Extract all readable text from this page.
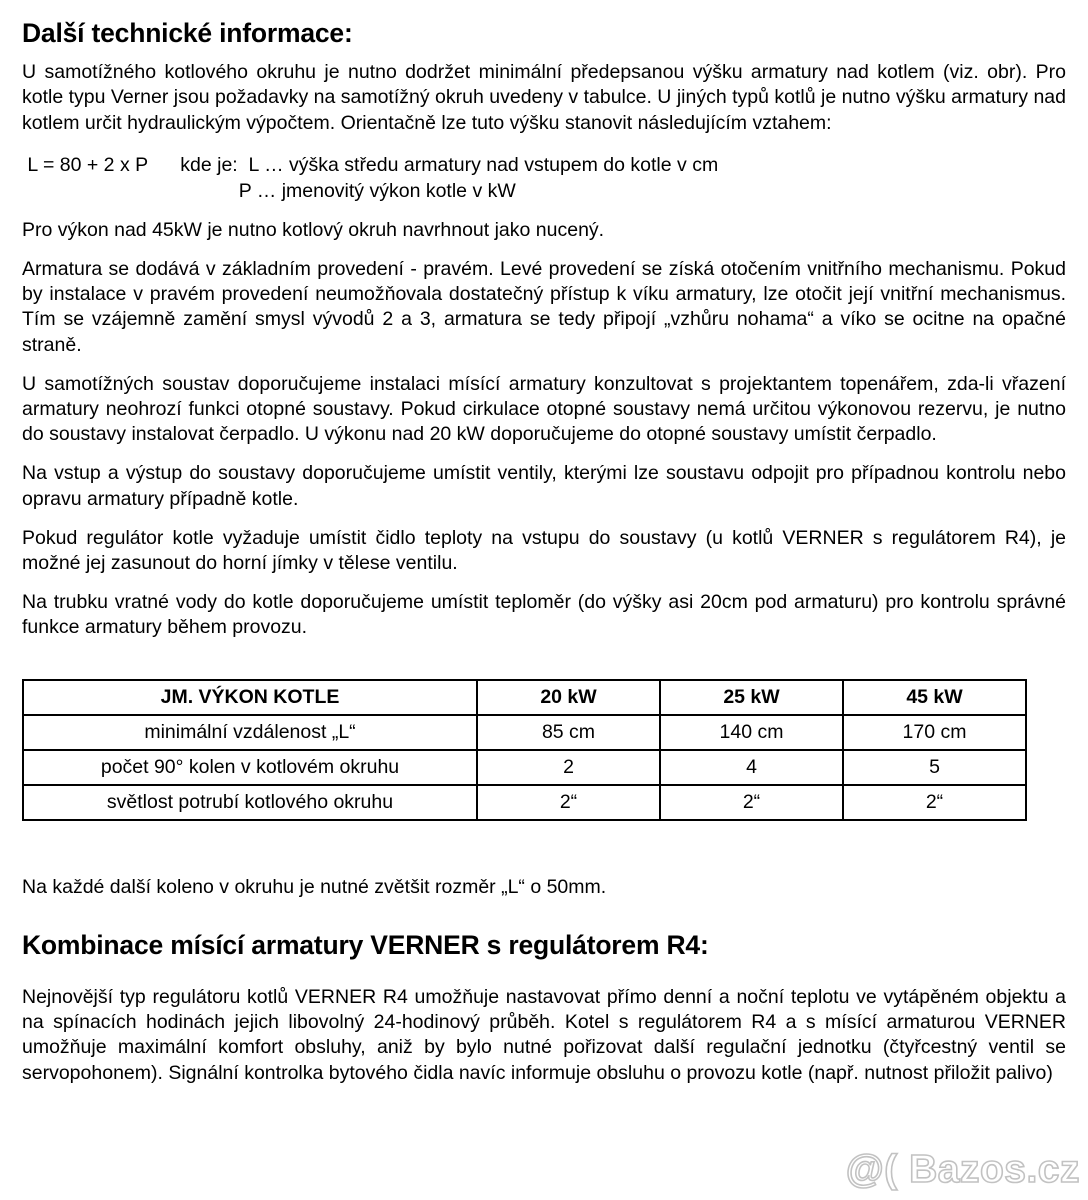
Další technické informace:

U samotížného kotlového okruhu je nutno dodržet minimální předepsanou výšku armatury nad kotlem (viz. obr). Pro kotle typu Verner jsou požadavky na samotížný okruh uvedeny v tabulce. U jiných typů kotlů je nutno výšku armatury nad kotlem určit hydraulickým výpočtem. Orientačně lze tuto výšku stanovit následujícím vztahem:

L = 80 + 2 x P      kde je:  L … výška středu armatury nad vstupem do kotle v cm
P … jmenovitý výkon kotle v kW

Pro výkon nad 45kW je nutno kotlový okruh navrhnout jako nucený.

Armatura se dodává v základním provedení - pravém. Levé provedení se získá otočením vnitřního mechanismu. Pokud by instalace v pravém provedení neumožňovala dostatečný přístup k víku armatury, lze otočit její vnitřní mechanismus. Tím se vzájemně zamění smysl vývodů 2 a 3, armatura se tedy připojí „vzhůru nohama“ a víko se ocitne na opačné straně.

U samotížných soustav doporučujeme instalaci mísící armatury konzultovat s projektantem topenářem, zda-li vřazení armatury neohrozí funkci otopné soustavy. Pokud cirkulace otopné soustavy nemá určitou výkonovou rezervu, je nutno do soustavy instalovat čerpadlo. U výkonu nad 20 kW doporučujeme do otopné soustavy umístit čerpadlo.

Na vstup a výstup do soustavy doporučujeme umístit ventily, kterými lze soustavu odpojit pro případnou kontrolu nebo opravu armatury případně kotle.

Pokud regulátor kotle vyžaduje umístit čidlo teploty na vstupu do soustavy (u kotlů VERNER s regulátorem R4), je možné jej zasunout do horní jímky v tělese ventilu.

Na trubku vratné vody do kotle doporučujeme umístit teploměr (do výšky asi 20cm pod armaturu) pro kontrolu správné funkce armatury během provozu.

JM. VÝKON KOTLE	20 kW	25 kW	45 kW
minimální vzdálenost „L“	85 cm	140 cm	170 cm
počet 90° kolen v kotlovém okruhu	2	4	5
světlost potrubí kotlového okruhu	2“	2“	2“

Na každé další koleno v okruhu je nutné zvětšit rozměr „L“ o 50mm.

Kombinace mísící armatury VERNER s regulátorem R4:

Nejnovější typ regulátoru kotlů VERNER R4 umožňuje nastavovat přímo denní a noční teplotu ve vytápěném objektu a na spínacích hodinách jejich libovolný 24-hodinový průběh. Kotel s regulátorem R4 a s mísící armaturou VERNER umožňuje maximální komfort obsluhy, aniž by bylo nutné pořizovat další regulační jednotku (čtyřcestný ventil se servopohonem). Signální kontrolka bytového čidla navíc informuje obsluhu o provozu kotle (např. nutnost přiložit palivo)

@( Bazos.cz
